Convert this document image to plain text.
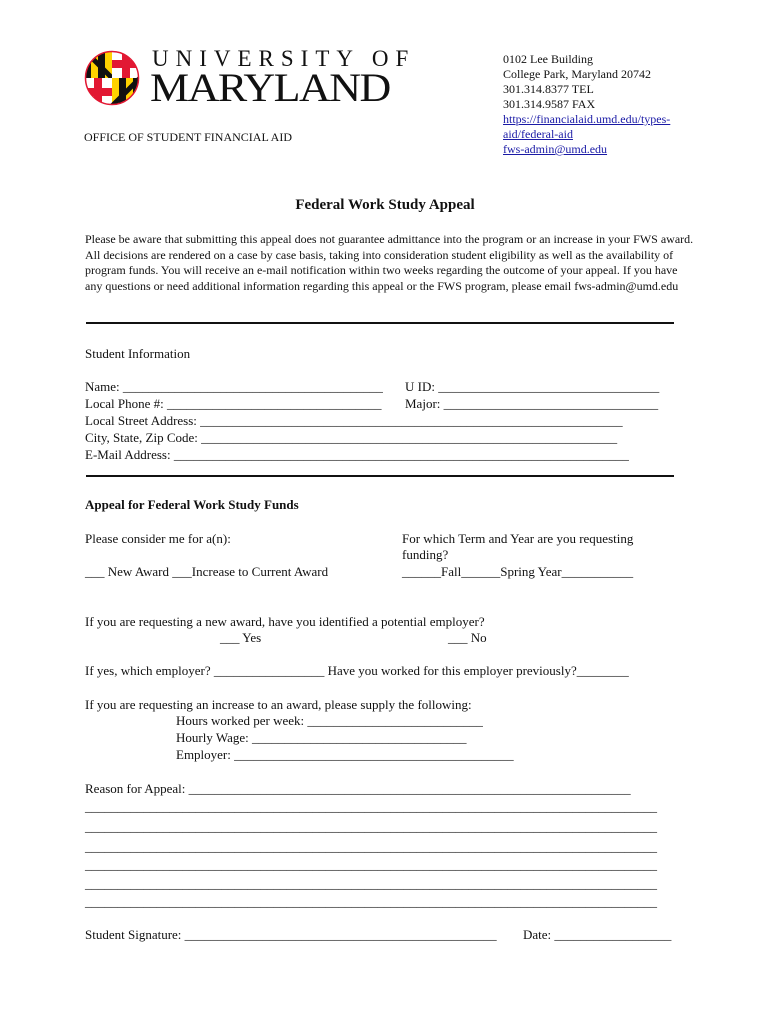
UNIVERSITY OF
MARYLAND
OFFICE OF STUDENT FINANCIAL AID
0102 Lee Building
College Park, Maryland 20742
301.314.8377 TEL
301.314.9587 FAX
https://financialaid.umd.edu/types-
aid/federal-aid
fws-admin@umd.edu
Federal Work Study Appeal
Please be aware that submitting this appeal does not guarantee admittance into the program or an increase in your FWS award. All decisions are rendered on a case by case basis, taking into consideration student eligibility as well as the availability of program funds. You will receive an e-mail notification within two weeks regarding the outcome of your appeal. If you have any questions or need additional information regarding this appeal or the FWS program, please email fws-admin@umd.edu
Student Information
Name: ________________________________________ U ID: __________________________________
Local Phone #: _________________________________ Major: _________________________________
Local Street Address: _________________________________________________________________
City, State, Zip Code: ________________________________________________________________
E-Mail Address: ______________________________________________________________________
Appeal for Federal Work Study Funds
Please consider me for a(n):	For which Term and Year are you requesting
funding?
___ New Award ___Increase to Current Award	______Fall______Spring Year___________
If you are requesting a new award, have you identified a potential employer?
___ Yes	___ No
If yes, which employer? _________________ Have you worked for this employer previously?________
If you are requesting an increase to an award, please supply the following:
Hours worked per week: ___________________________
Hourly Wage: _________________________________
Employer: ___________________________________________
Reason for Appeal: ____________________________________________________________________
________________________________________________________________________________________
________________________________________________________________________________________
________________________________________________________________________________________
________________________________________________________________________________________
________________________________________________________________________________________
________________________________________________________________________________________
Student Signature: ________________________________________________ Date: __________________
